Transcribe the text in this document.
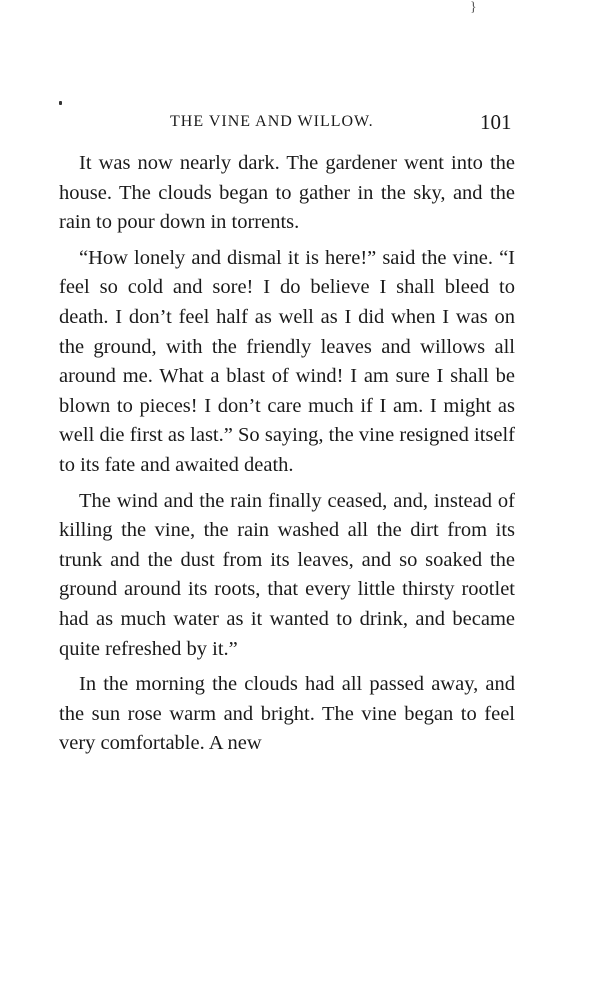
}
THE VINE AND WILLOW.	101

It was now nearly dark. The gardener went into the house. The clouds began to gather in the sky, and the rain to pour down in torrents.

“How lonely and dismal it is here!” said the vine. “I feel so cold and sore! I do believe I shall bleed to death. I don’t feel half as well as I did when I was on the ground, with the friendly leaves and willows all around me. What a blast of wind! I am sure I shall be blown to pieces! I don’t care much if I am. I might as well die first as last.” So saying, the vine resigned itself to its fate and awaited death.

The wind and the rain finally ceased, and, instead of killing the vine, the rain washed all the dirt from its trunk and the dust from its leaves, and so soaked the ground around its roots, that every little thirsty rootlet had as much water as it wanted to drink, and became quite refreshed by it.”

In the morning the clouds had all passed away, and the sun rose warm and bright. The vine began to feel very comfortable. A new
